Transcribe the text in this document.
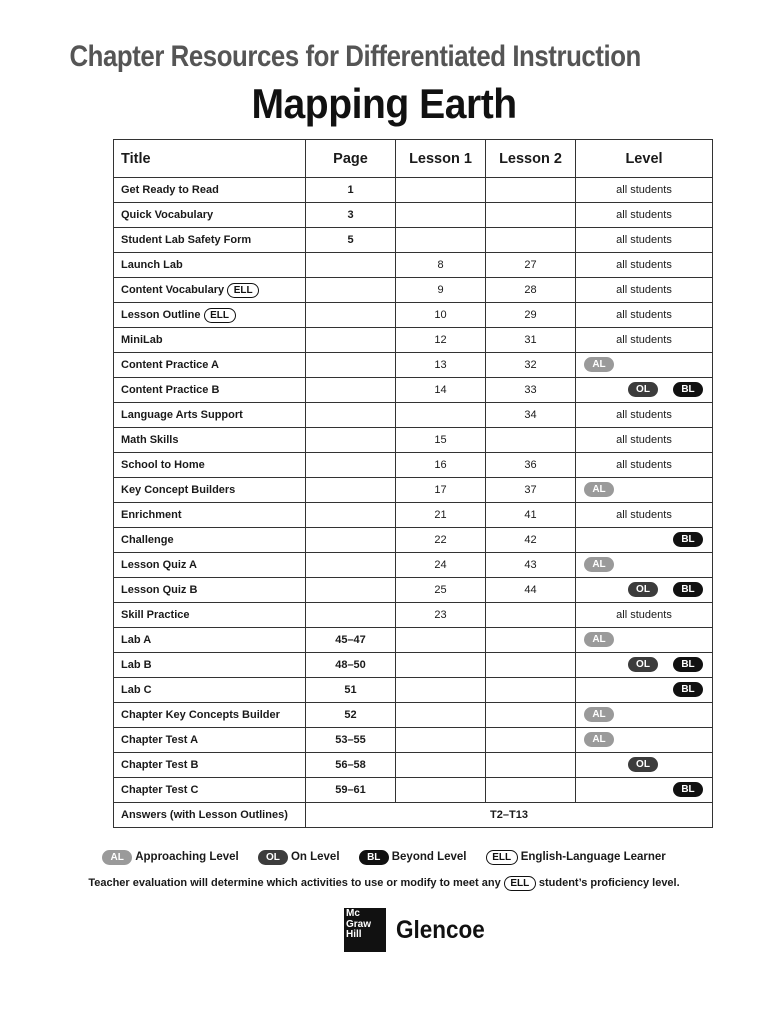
Chapter Resources for Differentiated Instruction
Mapping Earth
Title	Page	Lesson 1	Lesson 2	Level
Get Ready to Read	1			all students
Quick Vocabulary	3			all students
Student Lab Safety Form	5			all students
Launch Lab		8	27	all students
Content Vocabulary ELL		9	28	all students
Lesson Outline ELL		10	29	all students
MiniLab		12	31	all students
Content Practice A		13	32	AL

Content Practice B		14	33	OL BL

Language Arts Support			34	all students
Math Skills		15		all students
School to Home		16	36	all students
Key Concept Builders		17	37	AL

Enrichment		21	41	all students
Challenge		22	42	BL

Lesson Quiz A		24	43	AL

Lesson Quiz B		25	44	OL BL

Skill Practice		23		all students
Lab A	45–47			AL

Lab B	48–50			OL BL

Lab C	51			BL

Chapter Key Concepts Builder	52			AL

Chapter Test A	53–55			AL

Chapter Test B	56–58			OL

Chapter Test C	59–61			BL

Answers (with Lesson Outlines)	T2–T13			
AL Approaching Level	OL On Level	BL Beyond Level	ELL English-Language Learner
Teacher evaluation will determine which activities to use or modify to meet any ELL student’s proficiency level.
Mc
Graw
Hill	Glencoe
